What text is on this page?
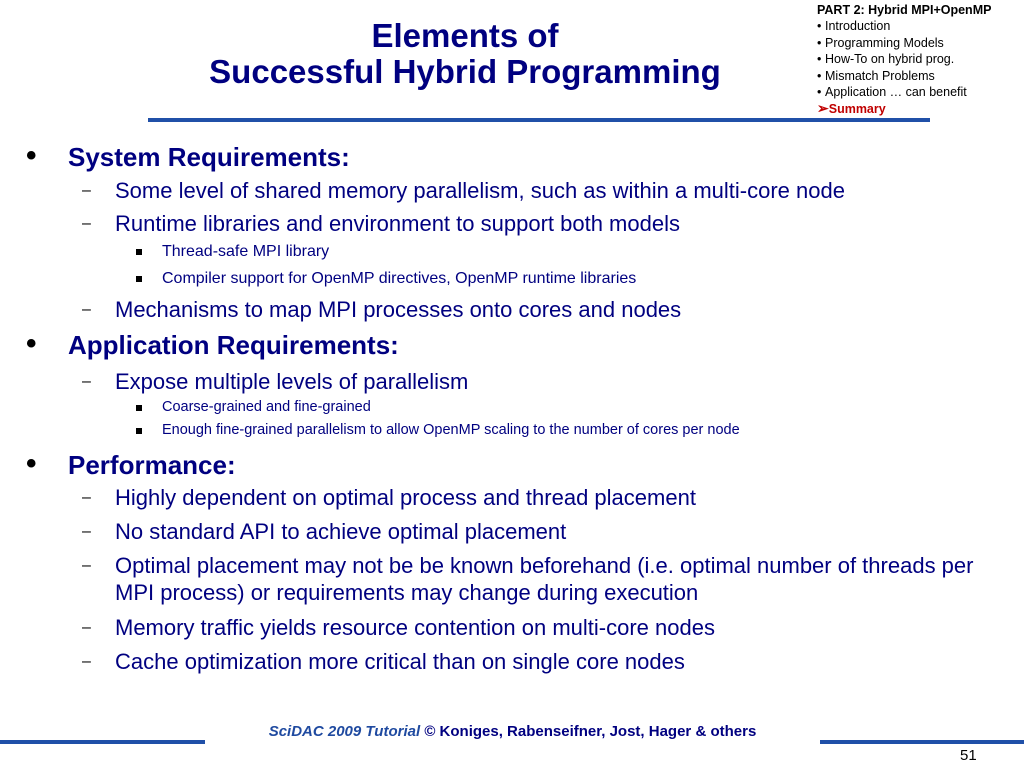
Elements of
Successful Hybrid Programming
PART 2: Hybrid MPI+OpenMP
• Introduction
• Programming Models
• How-To on hybrid prog.
• Mismatch Problems
• Application … can benefit
➢Summary
• System Requirements:
– Some level of shared memory parallelism, such as within a multi-core node
– Runtime libraries and environment to support both models
Thread-safe MPI library
Compiler support for OpenMP directives, OpenMP runtime libraries
– Mechanisms to map MPI processes onto cores and nodes
• Application Requirements:
– Expose multiple levels of parallelism
Coarse-grained and fine-grained
Enough fine-grained parallelism to allow OpenMP scaling to the number of cores per node
• Performance:
– Highly dependent on optimal process and thread placement
– No standard API to achieve optimal placement
– Optimal placement may not be be known beforehand (i.e. optimal number of threads per MPI process) or requirements may change during execution
– Memory traffic yields resource contention on multi-core nodes
– Cache optimization more critical than on single core nodes
SciDAC 2009 Tutorial © Koniges, Rabenseifner, Jost, Hager & others
51
